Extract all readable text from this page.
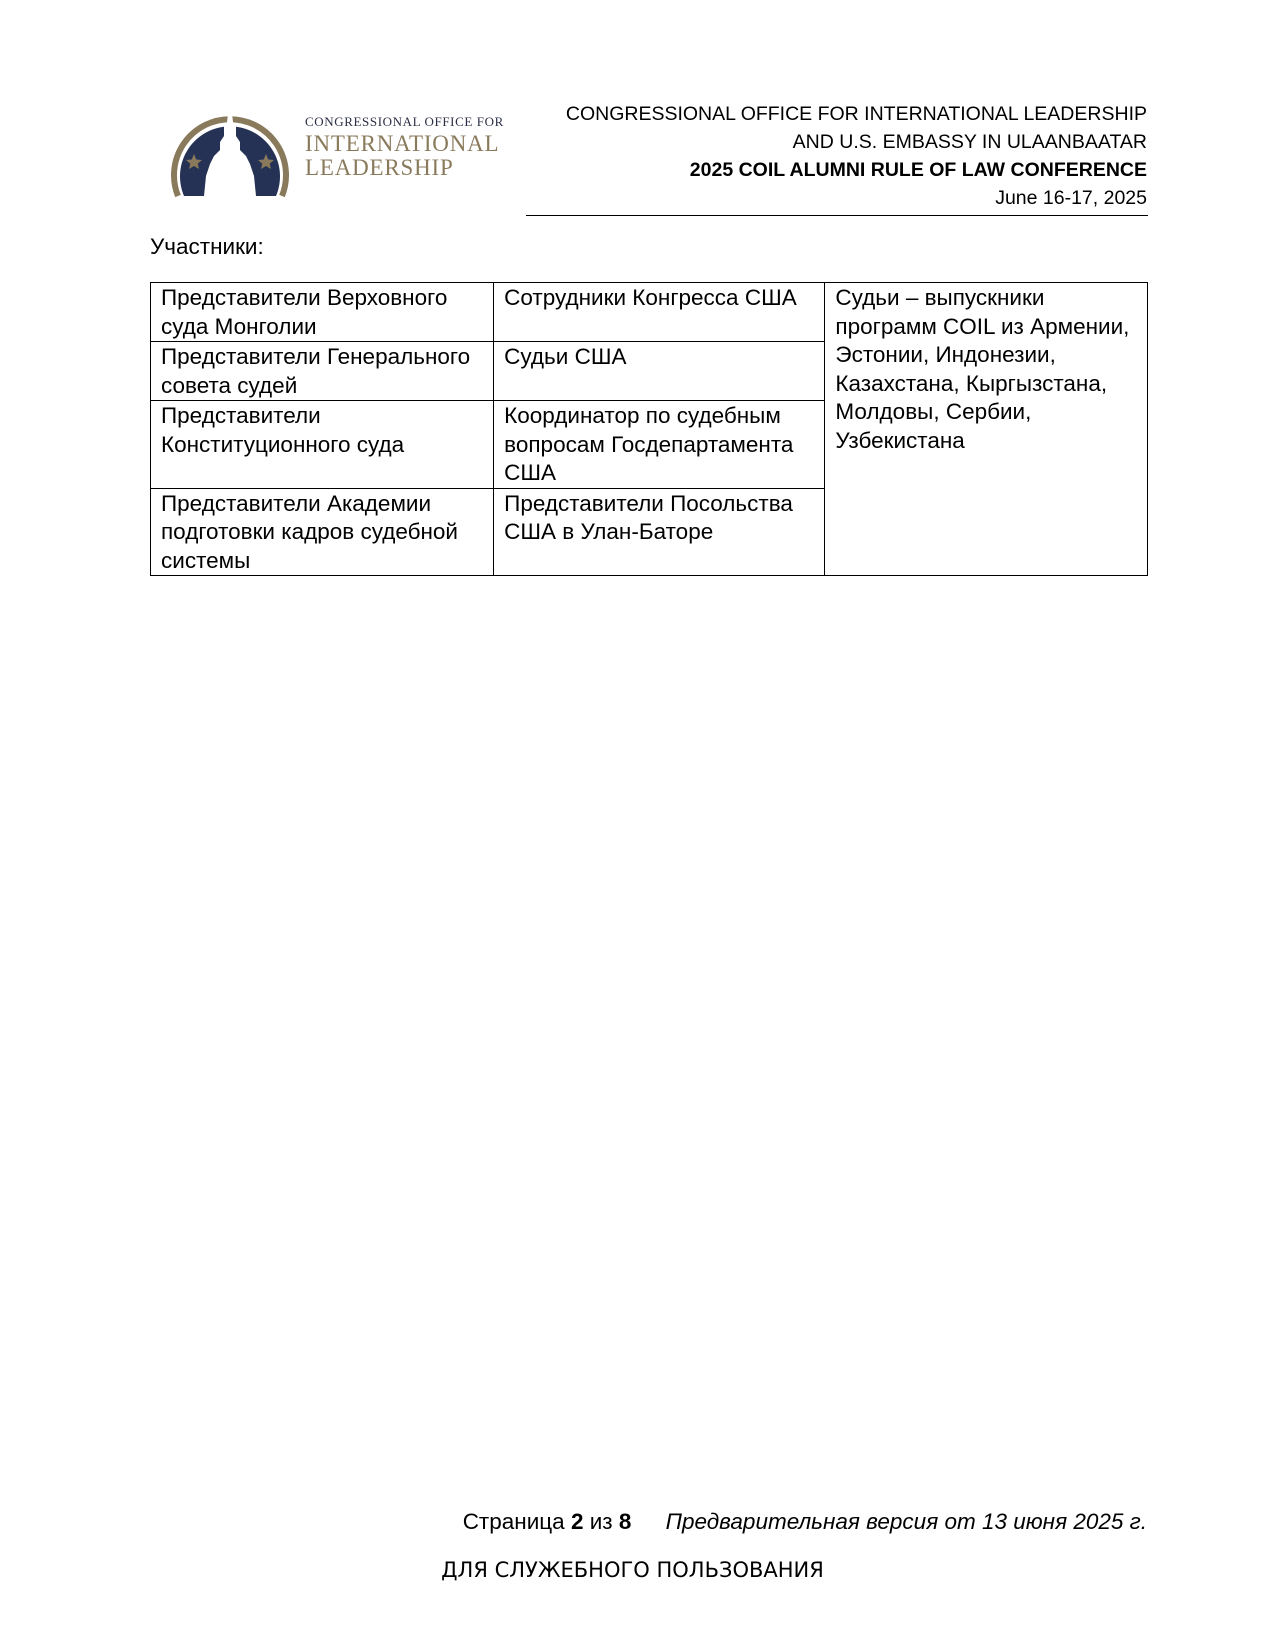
CONGRESSIONAL OFFICE FOR
INTERNATIONAL
LEADERSHIP
CONGRESSIONAL OFFICE FOR INTERNATIONAL LEADERSHIP
AND U.S. EMBASSY IN ULAANBAATAR
2025 COIL ALUMNI RULE OF LAW CONFERENCE
June 16-17, 2025
Участники:
Представители Верховного суда Монголии	Сотрудники Конгресса США	Судьи – выпускники программ COIL из Армении, Эстонии, Индонезии, Казахстана, Кыргызстана, Молдовы, Сербии, Узбекистана
Представители Генерального совета судей	Судьи США	
Представители Конституционного суда	Координатор по судебным вопросам Госдепартамента США	
Представители Академии подготовки кадров судебной системы	Представители Посольства США в Улан-Баторе	
Страница 2 из 8 Предварительная версия от 13 июня 2025 г.
ДЛЯ СЛУЖЕБНОГО ПОЛЬЗОВАНИЯ
